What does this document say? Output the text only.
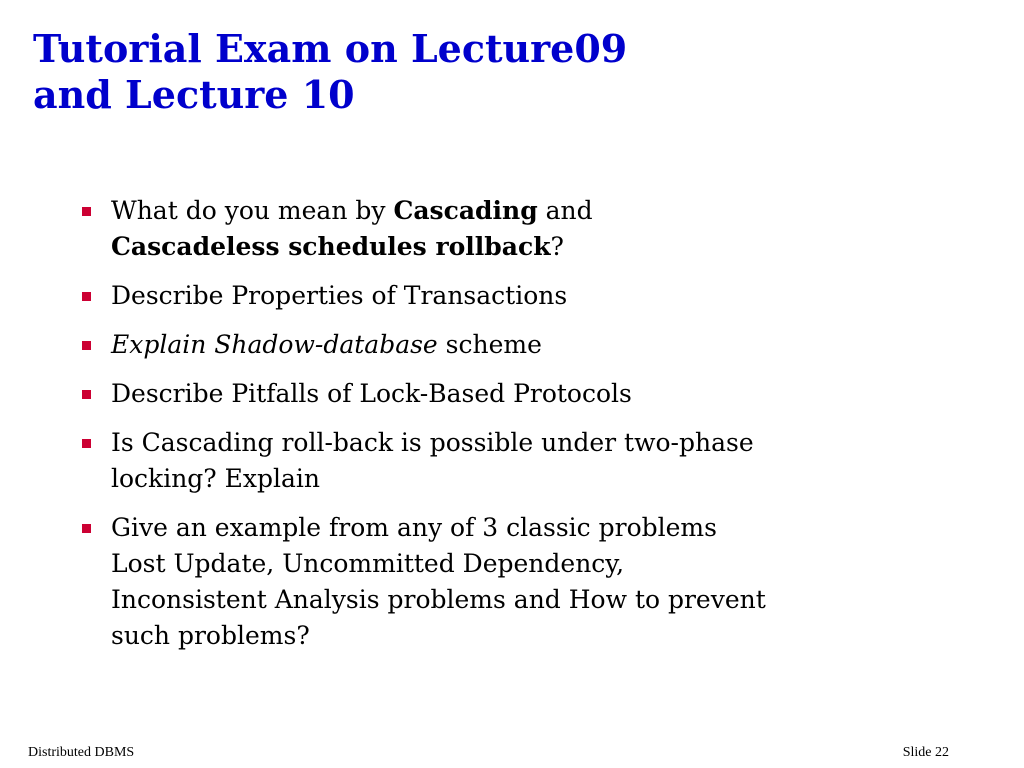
Tutorial Exam on Lecture09
and Lecture 10
What do you mean by Cascading and
Cascadeless schedules rollback?
Describe Properties of Transactions
Explain Shadow-database scheme
Describe Pitfalls of Lock-Based Protocols
Is Cascading roll-back is possible under two-phase
locking? Explain
Give an example from any of 3 classic problems
Lost Update, Uncommitted Dependency,
Inconsistent Analysis problems and How to prevent
such problems?
Distributed DBMS	Slide 22
